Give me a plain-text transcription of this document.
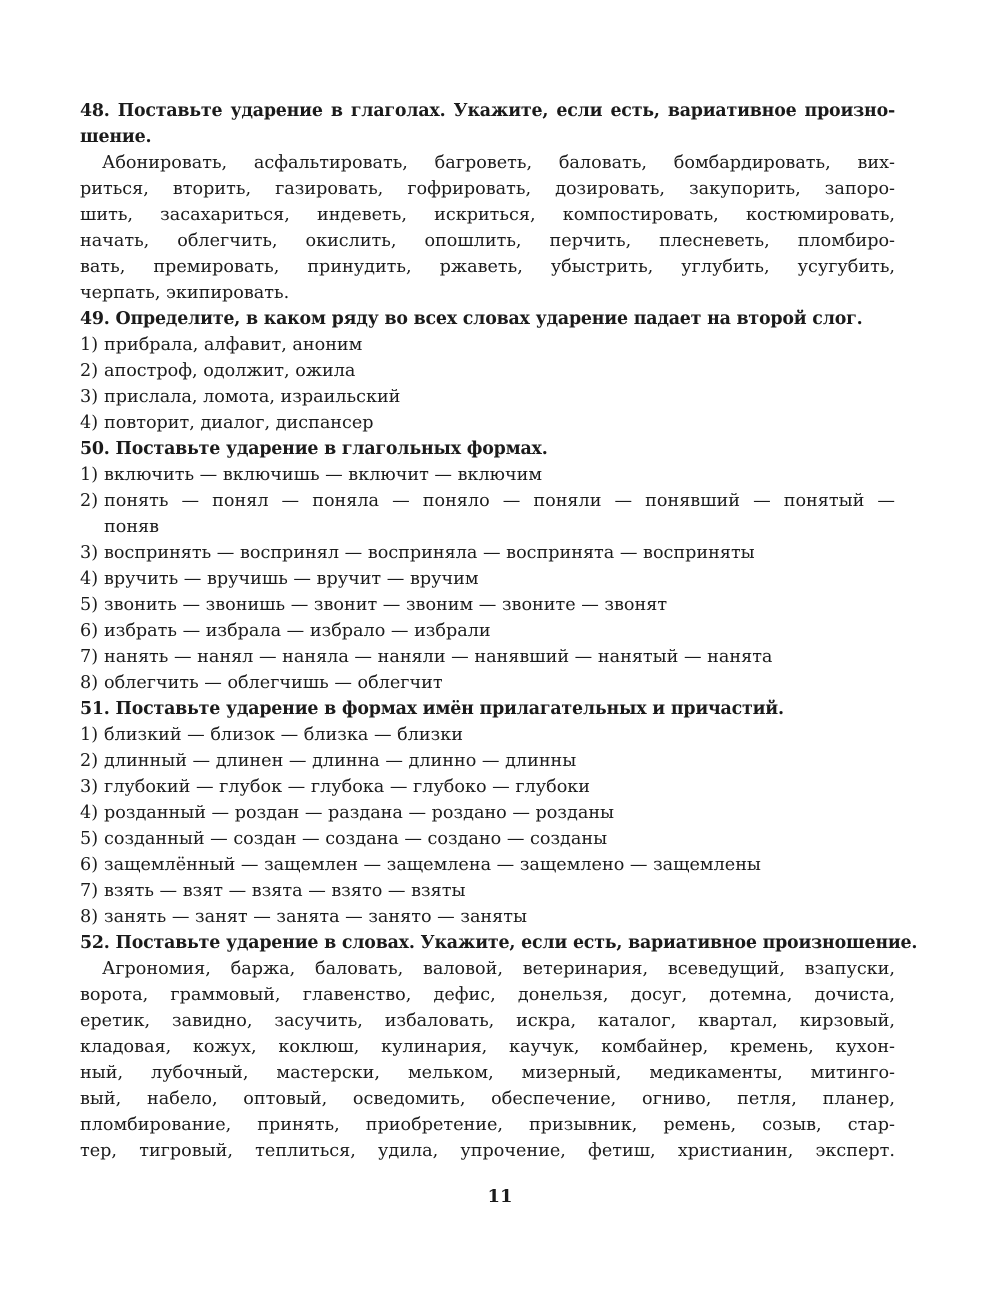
48. Поставьте ударение в глаголах. Укажите, если есть, вариативное произно-
шение.
Абонировать, асфальтировать, багроветь, баловать, бомбардировать, вих-
риться, вторить, газировать, гофрировать, дозировать, закупорить, запоро-
шить, засахариться, индеветь, искриться, компостировать, костюмировать,
начать, облегчить, окислить, опошлить, перчить, плесневеть, пломбиро-
вать, премировать, принудить, ржаветь, убыстрить, углубить, усугубить,
черпать, экипировать.
49. Определите, в каком ряду во всех словах ударение падает на второй слог.
1) прибрала, алфавит, аноним
2) апостроф, одолжит, ожила
3) прислала, ломота, израильский
4) повторит, диалог, диспансер
50. Поставьте ударение в глагольных формах.
1) включить — включишь — включит — включим
2) понять — понял — поняла — поняло — поняли — понявший — понятый —
поняв
3) воспринять — воспринял — восприняла — воспринята — восприняты
4) вручить — вручишь — вручит — вручим
5) звонить — звонишь — звонит — звоним — звоните — звонят
6) избрать — избрала — избрало — избрали
7) нанять — нанял — наняла — наняли — нанявший — нанятый — нанята
8) облегчить — облегчишь — облегчит
51. Поставьте ударение в формах имён прилагательных и причастий.
1) близкий — близок — близка — близки
2) длинный — длинен — длинна — длинно — длинны
3) глубокий — глубок — глубока — глубоко — глубоки
4) розданный — роздан — раздана — роздано — розданы
5) созданный — создан — создана — создано — созданы
6) защемлённый — защемлен — защемлена — защемлено — защемлены
7) взять — взят — взята — взято — взяты
8) занять — занят — занята — занято — заняты
52. Поставьте ударение в словах. Укажите, если есть, вариативное произношение.
Агрономия, баржа, баловать, валовой, ветеринария, всеведущий, взапуски,
ворота, граммовый, главенство, дефис, донельзя, досуг, дотемна, дочиста,
еретик, завидно, засучить, избаловать, искра, каталог, квартал, кирзовый,
кладовая, кожух, коклюш, кулинария, каучук, комбайнер, кремень, кухон-
ный, лубочный, мастерски, мельком, мизерный, медикаменты, митинго-
вый, набело, оптовый, осведомить, обеспечение, огниво, петля, планер,
пломбирование, принять, приобретение, призывник, ремень, созыв, стар-
тер, тигровый, теплиться, удила, упрочение, фетиш, христианин, эксперт.
11
